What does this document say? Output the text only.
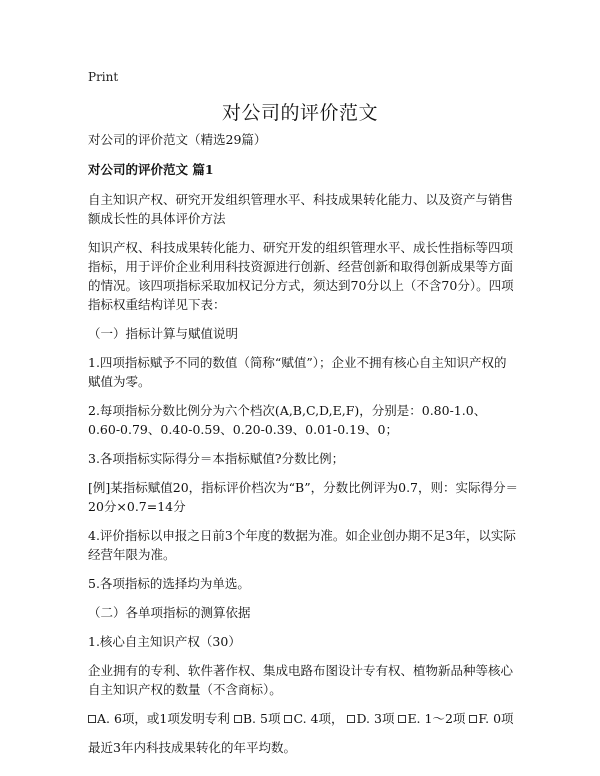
Print
对公司的评价范文

对公司的评价范文（精选29篇）

对公司的评价范文 篇1

自主知识产权、研究开发组织管理水平、科技成果转化能力、以及资产与销售额成长性的具体评价方法

知识产权、科技成果转化能力、研究开发的组织管理水平、成长性指标等四项指标，用于评价企业利用科技资源进行创新、经营创新和取得创新成果等方面的情况。该四项指标采取加权记分方式，须达到70分以上（不含70分）。四项指标权重结构详见下表：

（一）指标计算与赋值说明

1.四项指标赋予不同的数值（简称“赋值”）；企业不拥有核心自主知识产权的赋值为零。

2.每项指标分数比例分为六个档次(A,B,C,D,E,F)，分别是：0.80-1.0、0.60-0.79、0.40-0.59、0.20-0.39、0.01-0.19、0；

3.各项指标实际得分＝本指标赋值?分数比例；

[例]某指标赋值20，指标评价档次为“B”，分数比例评为0.7，则：实际得分＝20分×0.7=14分

4.评价指标以申报之日前3个年度的数据为准。如企业创办期不足3年，以实际经营年限为准。

5.各项指标的选择均为单选。

（二）各单项指标的测算依据

1.核心自主知识产权（30）

企业拥有的专利、软件著作权、集成电路布图设计专有权、植物新品种等核心自主知识产权的数量（不含商标）。

A. 6项，或1项发明专利 B. 5项 C. 4项， D. 3项 E. 1～2项 F. 0项

最近3年内科技成果转化的年平均数。
